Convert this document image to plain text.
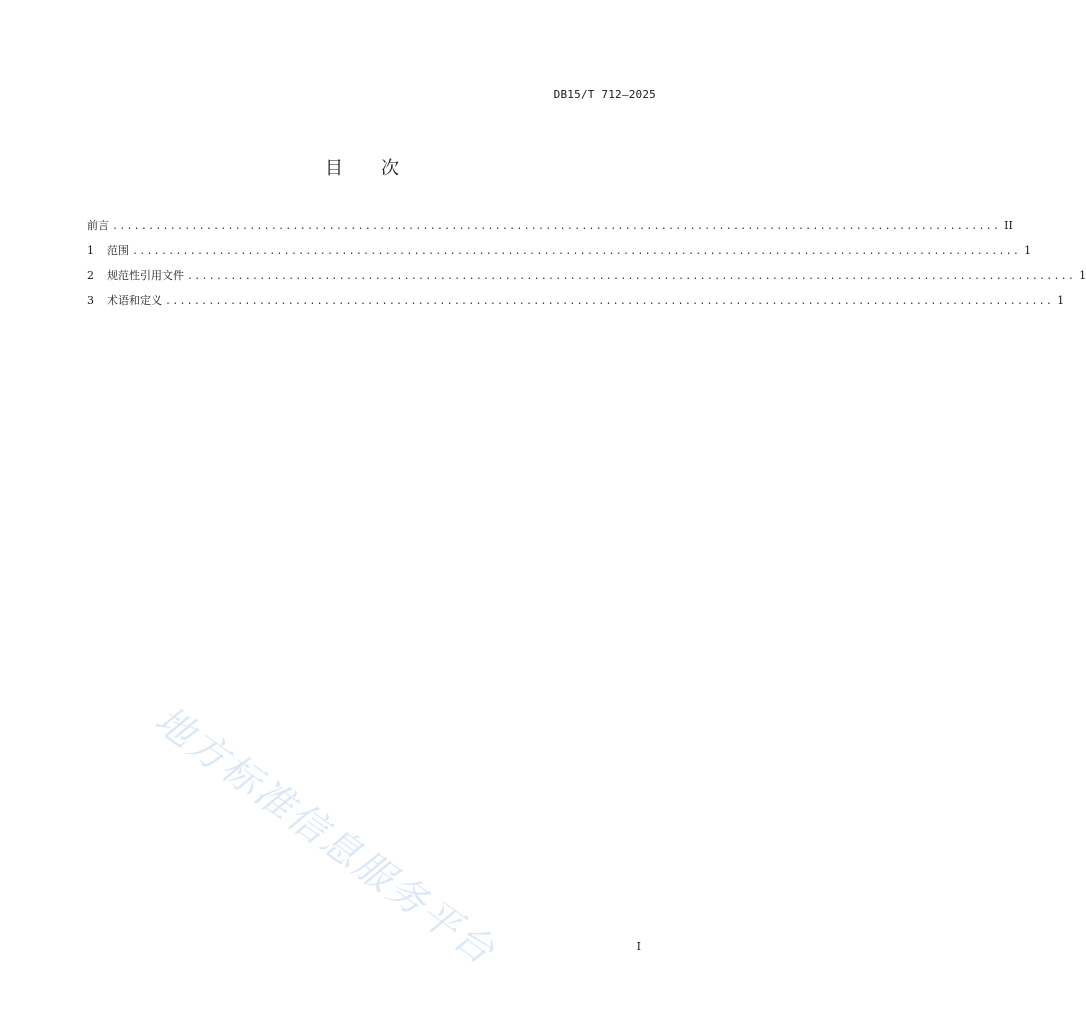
DB15/T 712—2025
目次
前言 ........................................................................................................................... II
1	范围 ........................................................................................................................... 1
2	规范性引用文件 ........................................................................................................................... 1
3	术语和定义 ........................................................................................................................... 1
地方标准信息服务平台	I
